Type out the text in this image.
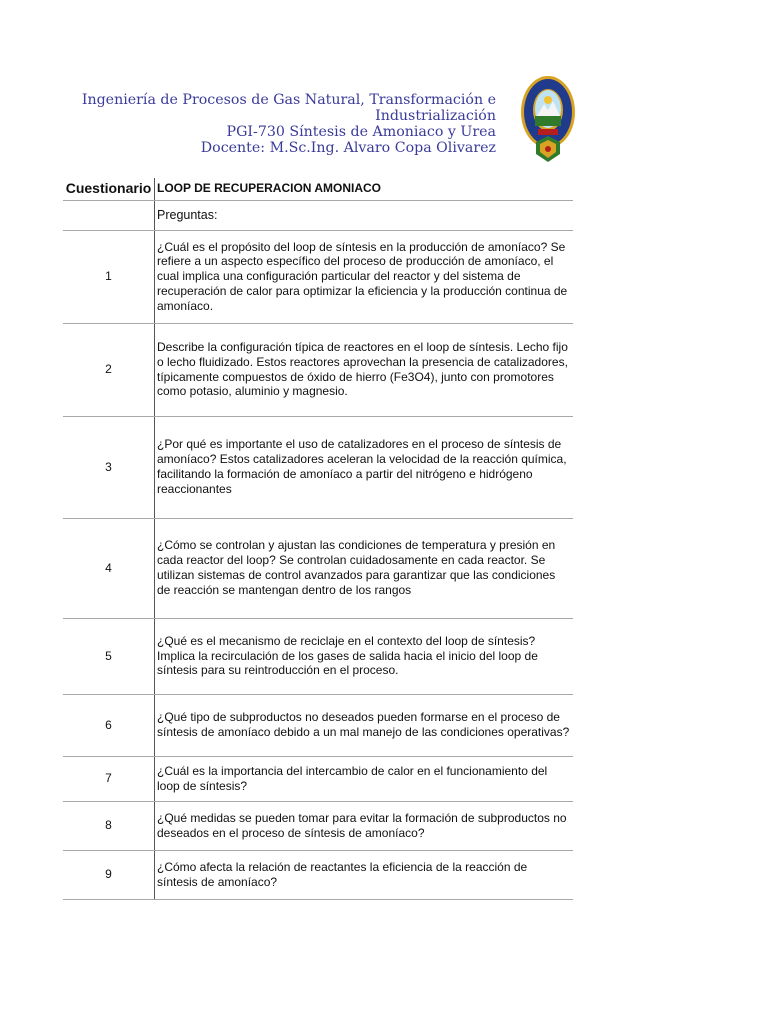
Ingeniería de Procesos de Gas Natural, Transformación e
Industrialización
PGI-730 Síntesis de Amoniaco y Urea
Docente: M.Sc.Ing. Alvaro Copa Olivarez
Cuestionario	LOOP DE RECUPERACION AMONIACO
	Preguntas:
1	¿Cuál es el propósito del loop de síntesis en la producción de amoníaco? Se refiere a un aspecto específico del proceso de producción de amoníaco, el cual implica una configuración particular del reactor y del sistema de recuperación de calor para optimizar la eficiencia y la producción continua de amoníaco.
2	Describe la configuración típica de reactores en el loop de síntesis. Lecho fijo o lecho fluidizado. Estos reactores aprovechan la presencia de catalizadores, típicamente compuestos de óxido de hierro (Fe3O4), junto con promotores como potasio, aluminio y magnesio.
3	¿Por qué es importante el uso de catalizadores en el proceso de síntesis de amoníaco? Estos catalizadores aceleran la velocidad de la reacción química, facilitando la formación de amoníaco a partir del nitrógeno e hidrógeno reaccionantes
4	¿Cómo se controlan y ajustan las condiciones de temperatura y presión en cada reactor del loop? Se controlan cuidadosamente en cada reactor. Se utilizan sistemas de control avanzados para garantizar que las condiciones de reacción se mantengan dentro de los rangos
5	¿Qué es el mecanismo de reciclaje en el contexto del loop de síntesis? Implica la recirculación de los gases de salida hacia el inicio del loop de síntesis para su reintroducción en el proceso.
6	¿Qué tipo de subproductos no deseados pueden formarse en el proceso de síntesis de amoníaco debido a un mal manejo de las condiciones operativas?
7	¿Cuál es la importancia del intercambio de calor en el funcionamiento del loop de síntesis?
8	¿Qué medidas se pueden tomar para evitar la formación de subproductos no deseados en el proceso de síntesis de amoníaco?
9	¿Cómo afecta la relación de reactantes la eficiencia de la reacción de síntesis de amoníaco?
